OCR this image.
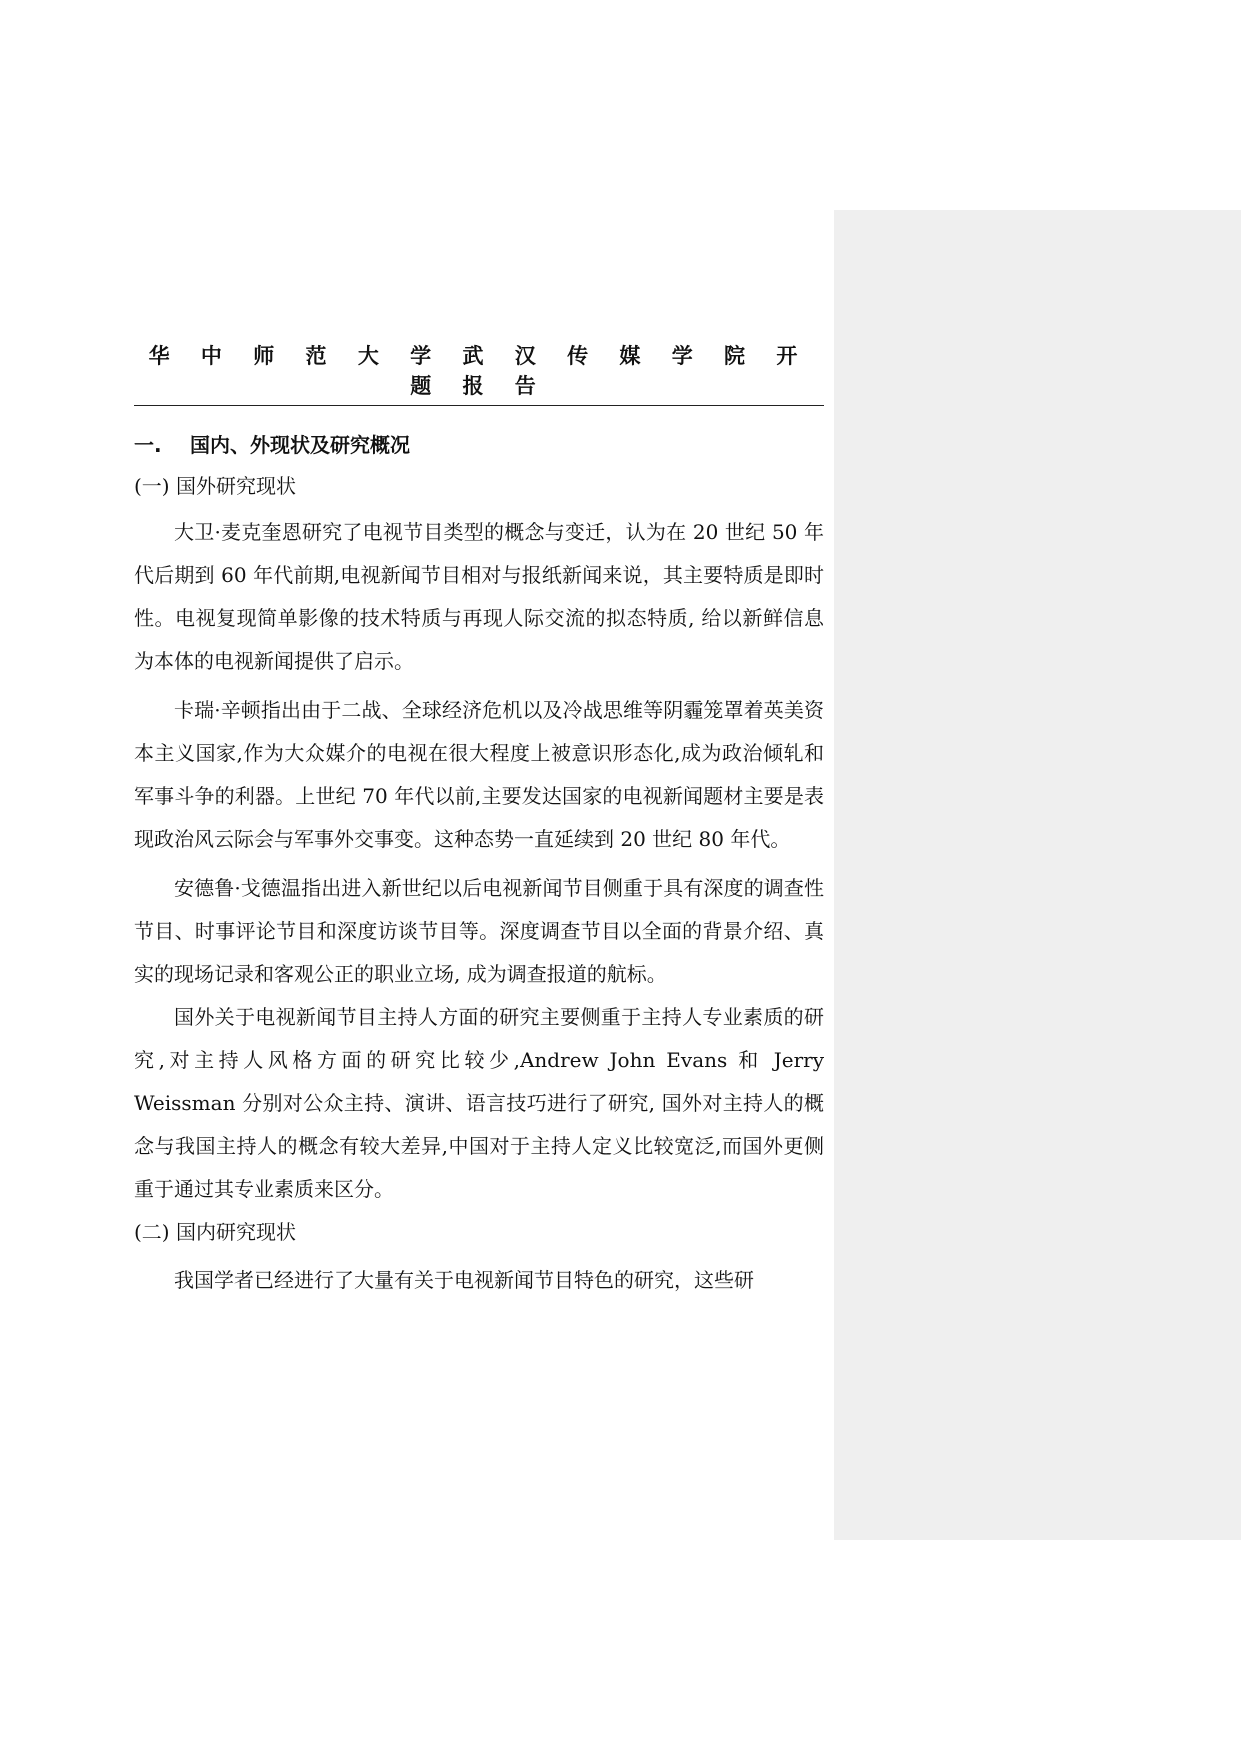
华 中 师 范 大 学 武 汉 传 媒 学 院 开 题 报 告
一. 国内、外现状及研究概况
(一) 国外研究现状

大卫·麦克奎恩研究了电视节目类型的概念与变迁，认为在 20 世纪 50 年代后期到 60 年代前期,电视新闻节目相对与报纸新闻来说，其主要特质是即时性。电视复现简单影像的技术特质与再现人际交流的拟态特质, 给以新鲜信息为本体的电视新闻提供了启示。

卡瑞·辛顿指出由于二战、全球经济危机以及冷战思维等阴霾笼罩着英美资本主义国家,作为大众媒介的电视在很大程度上被意识形态化,成为政治倾轧和军事斗争的利器。上世纪 70 年代以前,主要发达国家的电视新闻题材主要是表现政治风云际会与军事外交事变。这种态势一直延续到 20 世纪 80 年代。

安德鲁·戈德温指出进入新世纪以后电视新闻节目侧重于具有深度的调查性节目、时事评论节目和深度访谈节目等。深度调查节目以全面的背景介绍、真实的现场记录和客观公正的职业立场, 成为调查报道的航标。

国外关于电视新闻节目主持人方面的研究主要侧重于主持人专业素质的研究,对主持人风格方面的研究比较少,Andrew John Evans 和 Jerry Weissman 分别对公众主持、演讲、语言技巧进行了研究, 国外对主持人的概念与我国主持人的概念有较大差异,中国对于主持人定义比较宽泛,而国外更侧重于通过其专业素质来区分。

(二) 国内研究现状

我国学者已经进行了大量有关于电视新闻节目特色的研究，这些研
